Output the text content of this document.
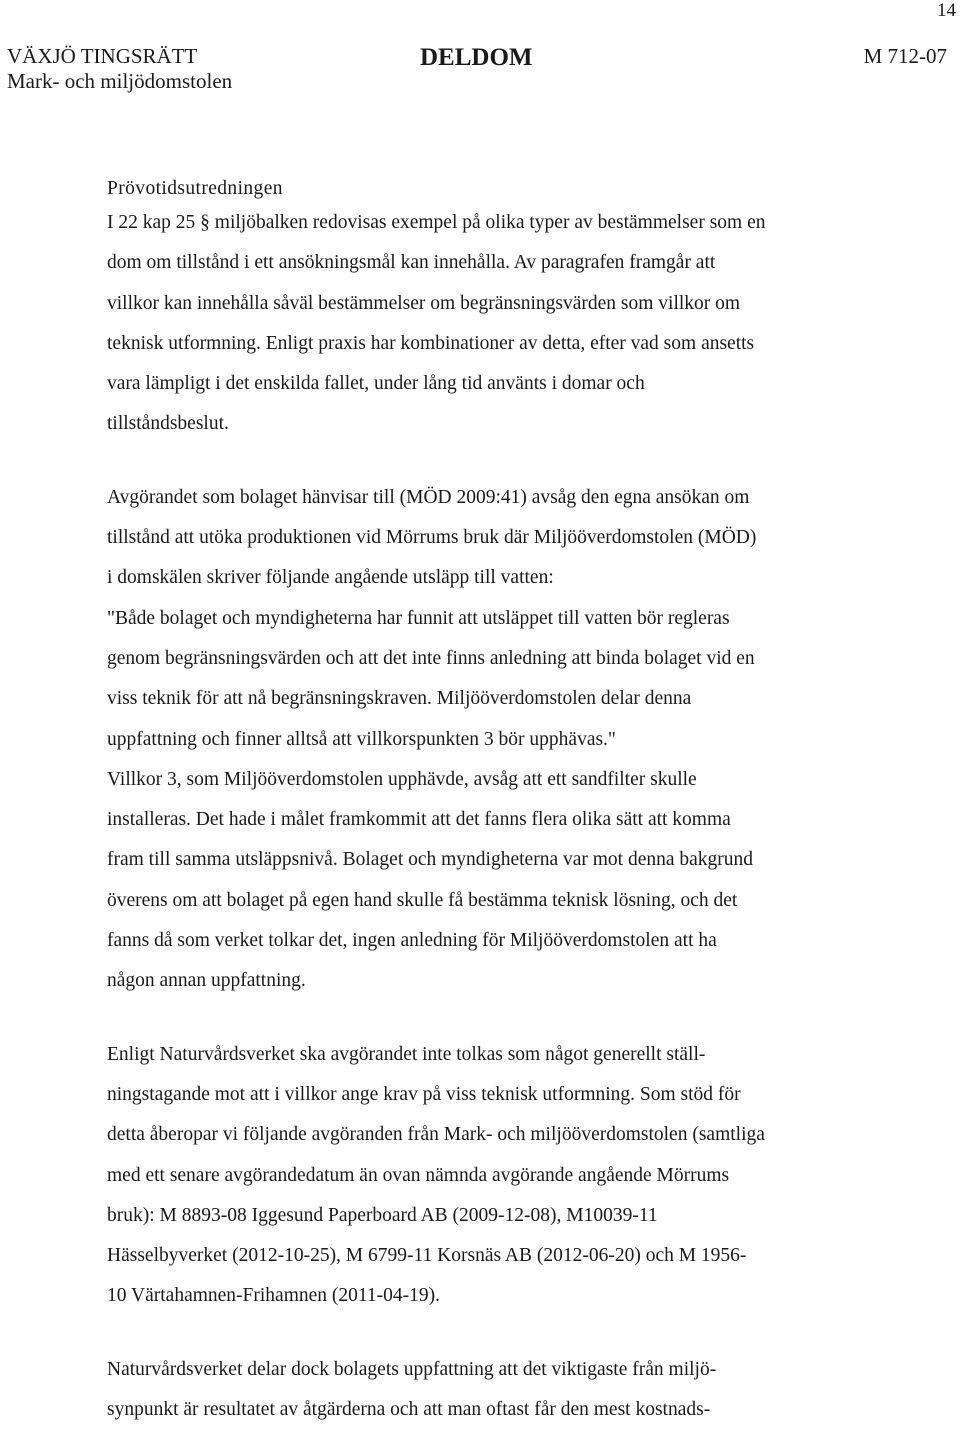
14
VÄXJÖ TINGSRÄTT
Mark- och miljödomstolen
DELDOM	M 712-07
Prövotidsutredningen
I 22 kap 25 § miljöbalken redovisas exempel på olika typer av bestämmelser som en
dom om tillstånd i ett ansökningsmål kan innehålla. Av paragrafen framgår att
villkor kan innehålla såväl bestämmelser om begränsningsvärden som villkor om
teknisk utformning. Enligt praxis har kombinationer av detta, efter vad som ansetts
vara lämpligt i det enskilda fallet, under lång tid använts i domar och
tillståndsbeslut.
Avgörandet som bolaget hänvisar till (MÖD 2009:41) avsåg den egna ansökan om
tillstånd att utöka produktionen vid Mörrums bruk där Miljööverdomstolen (MÖD)
i domskälen skriver följande angående utsläpp till vatten:
"Både bolaget och myndigheterna har funnit att utsläppet till vatten bör regleras
genom begränsningsvärden och att det inte finns anledning att binda bolaget vid en
viss teknik för att nå begränsningskraven. Miljööverdomstolen delar denna
uppfattning och finner alltså att villkorspunkten 3 bör upphävas."
Villkor 3, som Miljööverdomstolen upphävde, avsåg att ett sandfilter skulle
installeras. Det hade i målet framkommit att det fanns flera olika sätt att komma
fram till samma utsläppsnivå. Bolaget och myndigheterna var mot denna bakgrund
överens om att bolaget på egen hand skulle få bestämma teknisk lösning, och det
fanns då som verket tolkar det, ingen anledning för Miljööverdomstolen att ha
någon annan uppfattning.
Enligt Naturvårdsverket ska avgörandet inte tolkas som något generellt ställ-
ningstagande mot att i villkor ange krav på viss teknisk utformning. Som stöd för
detta åberopar vi följande avgöranden från Mark- och miljööverdomstolen (samtliga
med ett senare avgörandedatum än ovan nämnda avgörande angående Mörrums
bruk): M 8893-08 Iggesund Paperboard AB (2009-12-08), M10039-11
Hässelbyverket (2012-10-25), M 6799-11 Korsnäs AB (2012-06-20) och M 1956-
10 Värtahamnen-Frihamnen (2011-04-19).
Naturvårdsverket delar dock bolagets uppfattning att det viktigaste från miljö-
synpunkt är resultatet av åtgärderna och att man oftast får den mest kostnads-
